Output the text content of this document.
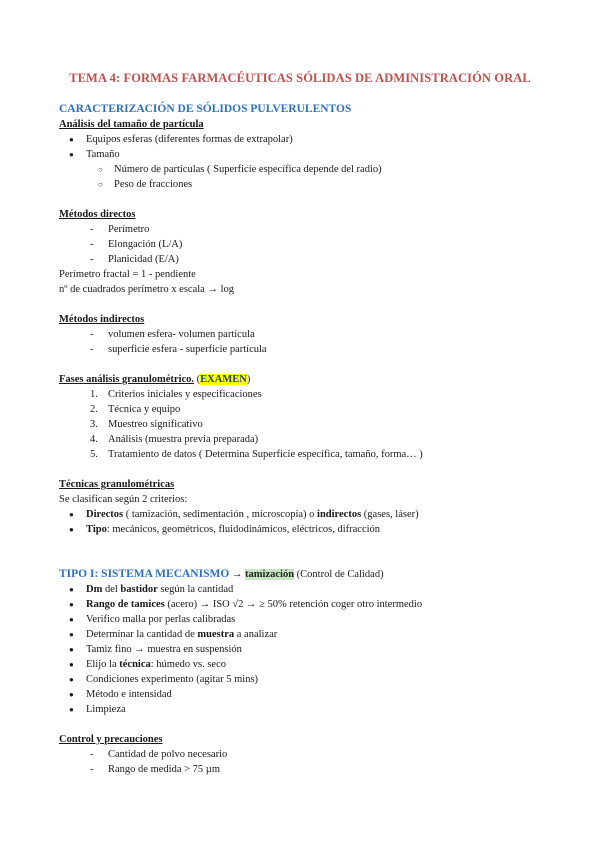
TEMA 4: FORMAS FARMACÉUTICAS SÓLIDAS DE ADMINISTRACIÓN ORAL
CARACTERIZACIÓN DE SÓLIDOS PULVERULENTOS
Análisis del tamaño de partícula
● Equipos esferas (diferentes formas de extrapolar)
● Tamaño
○ Número de partículas ( Superficie específica depende del radio)
○ Peso de fracciones
Métodos directos
- Perímetro
- Elongación (L/A)
- Planicidad (E/A)
Perímetro fractal = 1 - pendiente
nº de cuadrados perímetro x escala → log
Métodos indirectos
- volumen esfera- volumen partícula
- superficie esfera - superficie partícula
Fases análisis granulométrico. (EXAMEN)
1. Criterios iniciales y especificaciones
2. Técnica y equipo
3. Muestreo significativo
4. Análisis (muestra previa preparada)
5. Tratamiento de datos ( Determina Superficie específica, tamaño, forma… )
Técnicas granulométricas
Se clasifican según 2 criterios:
● Directos ( tamización, sedimentación , microscopía) o indirectos (gases, láser)
● Tipo: mecánicos, geométricos, fluidodinámicos, eléctricos, difracción
TIPO I: SISTEMA MECANISMO → tamización (Control de Calidad)
● Dm del bastidor según la cantidad
● Rango de tamices (acero) → ISO √2 → ≥ 50% retención coger otro intermedio
● Verifico malla por perlas calibradas
● Determinar la cantidad de muestra a analizar
● Tamiz fino → muestra en suspensión
● Elijo la técnica: húmedo vs. seco
● Condiciones experimento (agitar 5 mins)
● Método e intensidad
● Limpieza
Control y precauciones
- Cantidad de polvo necesario
- Rango de medida > 75 µm
